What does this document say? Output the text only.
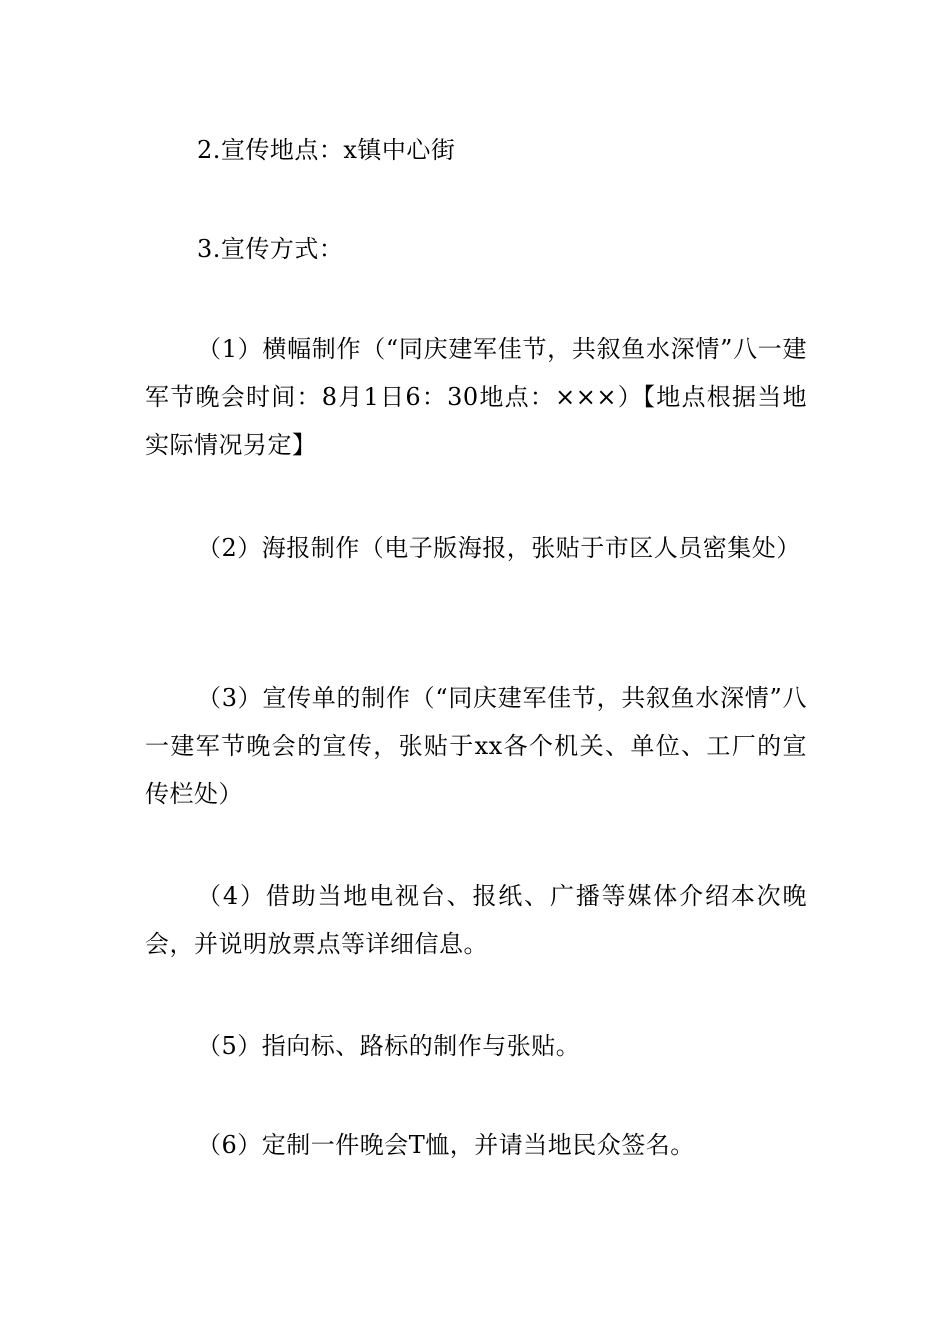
2.宣传地点：x镇中心街

3.宣传方式：

（1）横幅制作（“同庆建军佳节，共叙鱼水深情”八一建军节晚会时间：8月1日6：30地点：×××）【地点根据当地实际情况另定】

（2）海报制作（电子版海报，张贴于市区人员密集处）

（3）宣传单的制作（“同庆建军佳节，共叙鱼水深情”八一建军节晚会的宣传，张贴于xx各个机关、单位、工厂的宣传栏处）

（4）借助当地电视台、报纸、广播等媒体介绍本次晚会，并说明放票点等详细信息。

（5）指向标、路标的制作与张贴。

（6）定制一件晚会T恤，并请当地民众签名。
